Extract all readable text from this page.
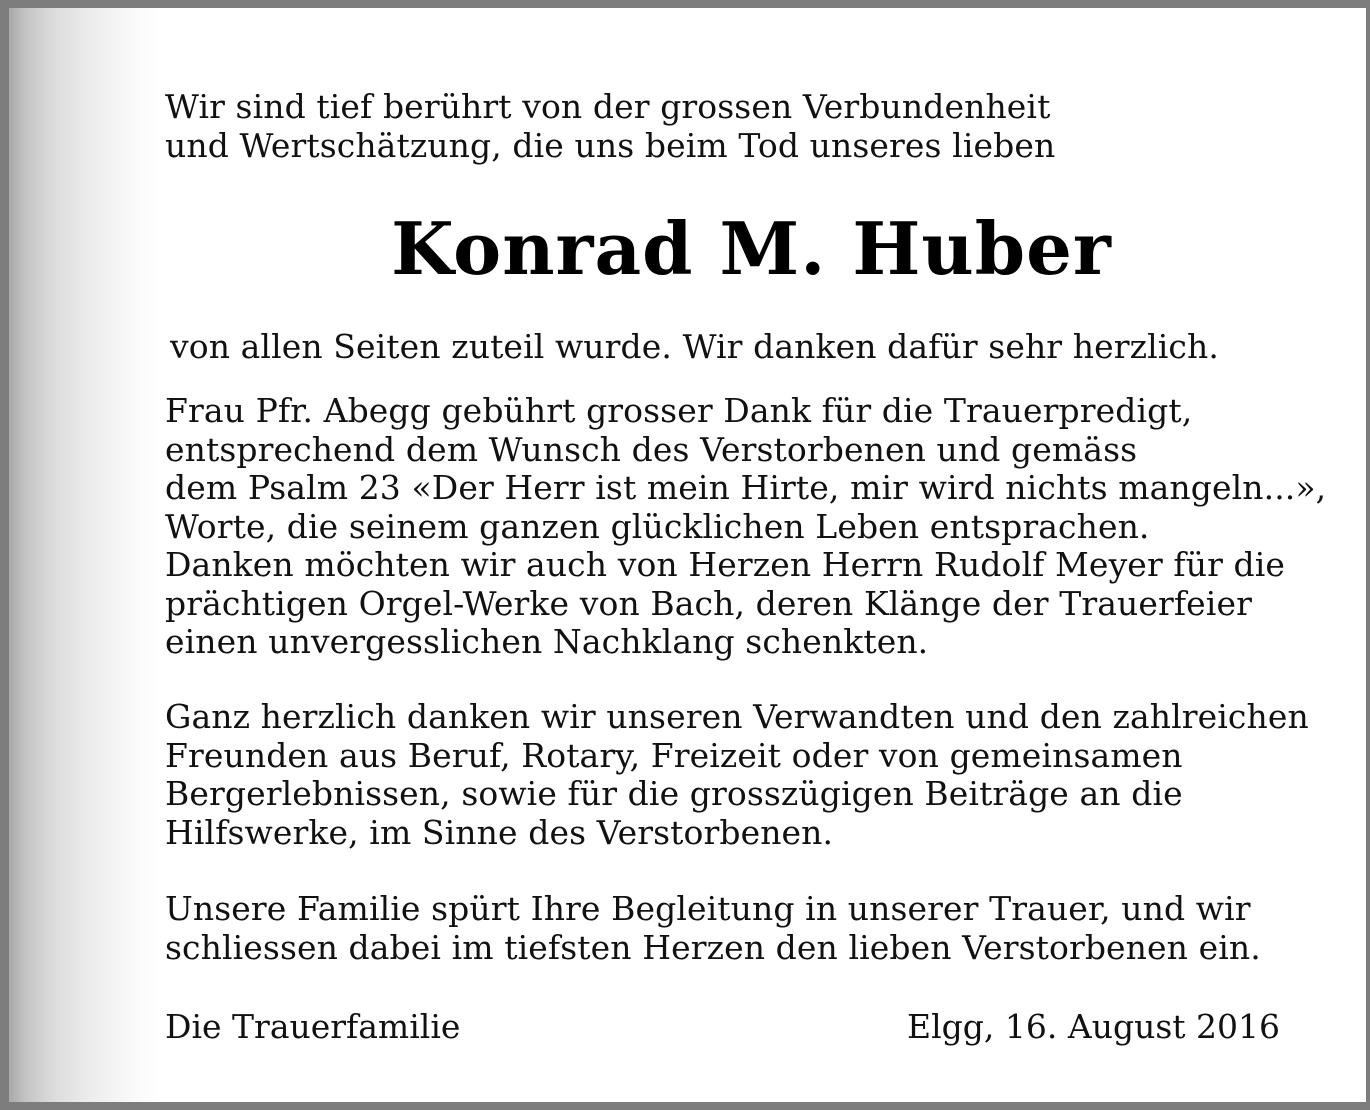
Wir sind tief berührt von der grossen Verbundenheit
und Wertschätzung, die uns beim Tod unseres lieben
Konrad M. Huber
von allen Seiten zuteil wurde. Wir danken dafür sehr herzlich.
Frau Pfr. Abegg gebührt grosser Dank für die Trauerpredigt,
entsprechend dem Wunsch des Verstorbenen und gemäss
dem Psalm 23 «Der Herr ist mein Hirte, mir wird nichts mangeln...»,
Worte, die seinem ganzen glücklichen Leben entsprachen.
Danken möchten wir auch von Herzen Herrn Rudolf Meyer für die
prächtigen Orgel-Werke von Bach, deren Klänge der Trauerfeier
einen unvergesslichen Nachklang schenkten.
Ganz herzlich danken wir unseren Verwandten und den zahlreichen
Freunden aus Beruf, Rotary, Freizeit oder von gemeinsamen
Bergerlebnissen, sowie für die grosszügigen Beiträge an die
Hilfswerke, im Sinne des Verstorbenen.
Unsere Familie spürt Ihre Begleitung in unserer Trauer, und wir
schliessen dabei im tiefsten Herzen den lieben Verstorbenen ein.
Die Trauerfamilie	Elgg, 16. August 2016
